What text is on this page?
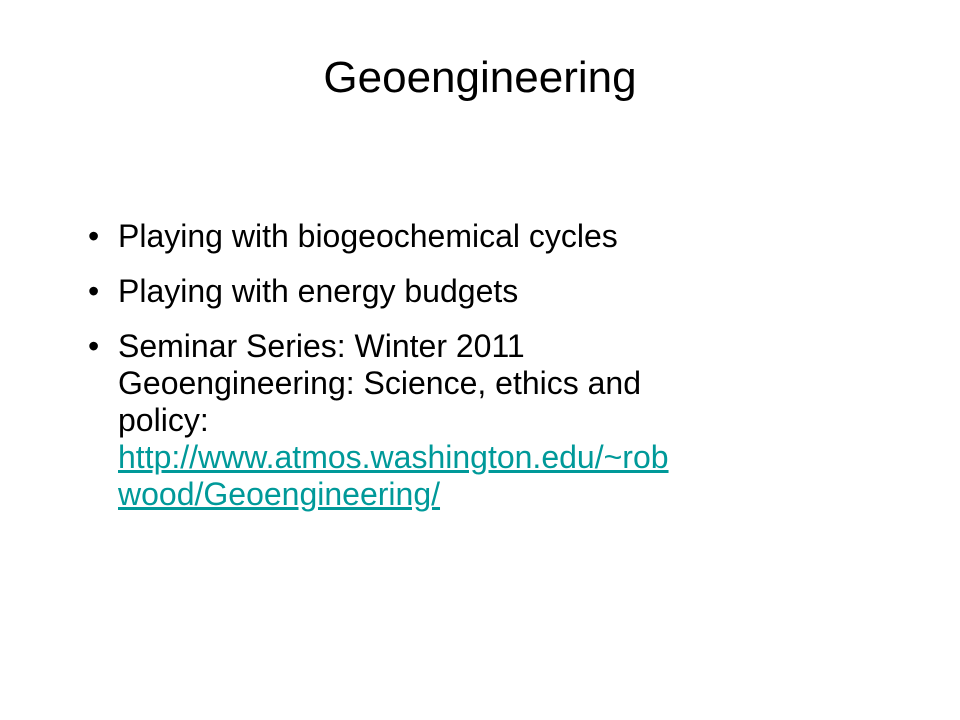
Geoengineering
• Playing with biogeochemical cycles
• Playing with energy budgets
• Seminar Series: Winter 2011
Geoengineering: Science, ethics and
policy:
http://www.atmos.washington.edu/~rob
wood/Geoengineering/
